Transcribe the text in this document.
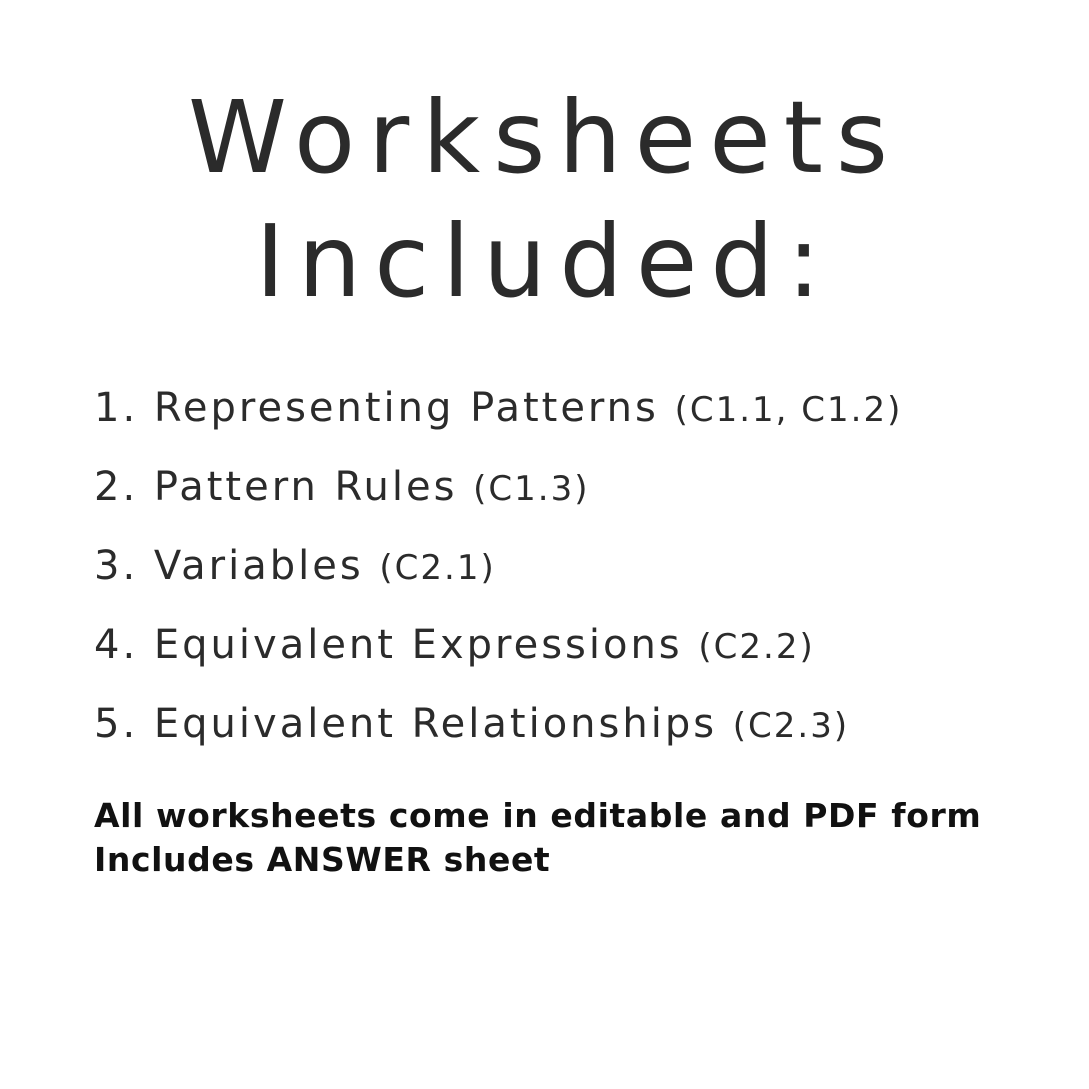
Worksheets
Included:
1. Representing Patterns (C1.1, C1.2)
2. Pattern Rules (C1.3)
3. Variables (C2.1)
4. Equivalent Expressions (C2.2)
5. Equivalent Relationships (C2.3)
All worksheets come in editable and PDF form
Includes ANSWER sheet
